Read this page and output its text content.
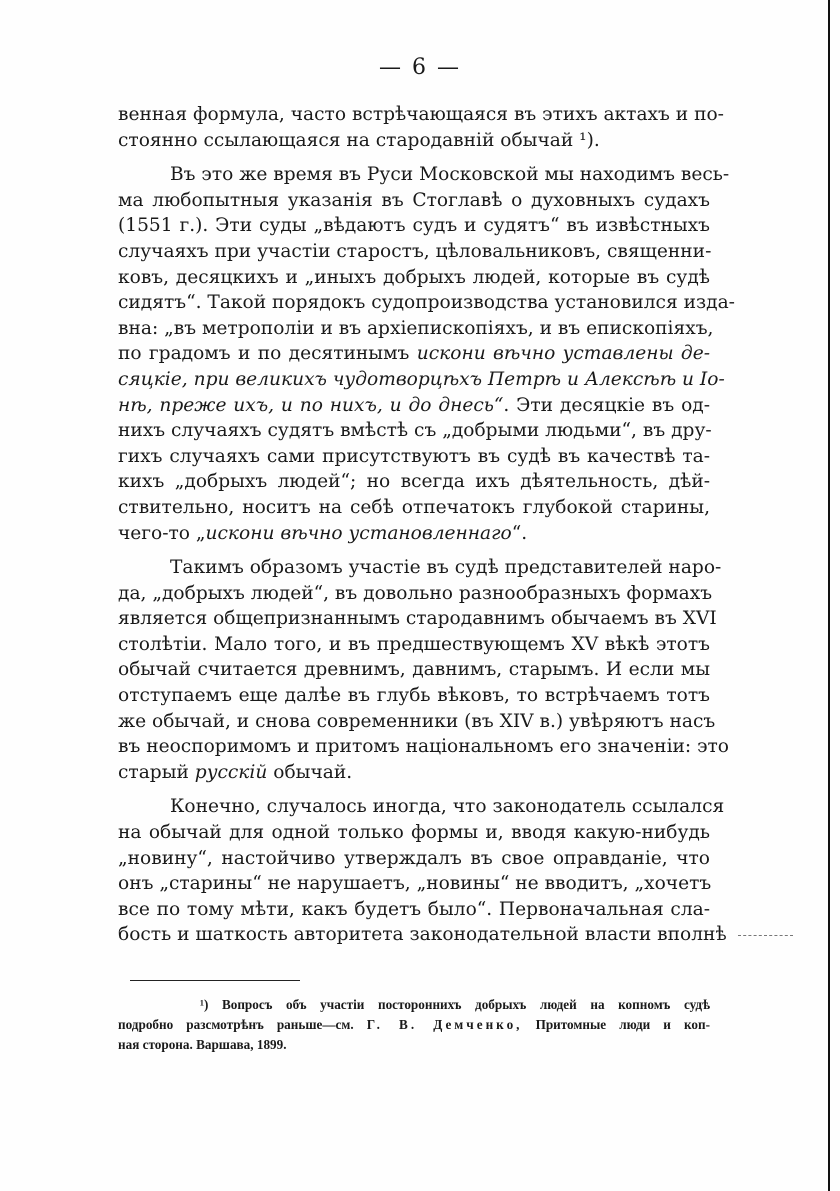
— 6 —

венная формула, часто встрѣчающаяся въ этихъ актахъ и по-
стоянно ссылающаяся на стародавній обычай ¹).

Въ это же время въ Руси Московской мы находимъ весь-
ма любопытныя указанія въ Стоглавѣ о духовныхъ судахъ
(1551 г.). Эти суды „вѣдаютъ судъ и судятъ“ въ извѣстныхъ
случаяхъ при участіи старостъ, цѣловальниковъ, священни-
ковъ, десяцкихъ и „иныхъ добрыхъ людей, которые въ судѣ
сидятъ“. Такой порядокъ судопроизводства установился изда-
вна: „въ метрополіи и въ архіепископіяхъ, и въ епископіяхъ,
по градомъ и по десятинымъ искони вѣчно уставлены де-
сяцкіе, при великихъ чудотворцѣхъ Петрѣ и Алексѣѣ и Іо-
нѣ, преже ихъ, и по нихъ, и до днесь“. Эти десяцкіе въ од-
нихъ случаяхъ судятъ вмѣстѣ съ „добрыми людьми“, въ дру-
гихъ случаяхъ сами присутствуютъ въ судѣ въ качествѣ та-
кихъ „добрыхъ людей“; но всегда ихъ дѣятельность, дѣй-
ствительно, носитъ на себѣ отпечатокъ глубокой старины,
чего-то „искони вѣчно установленнаго“.

Такимъ образомъ участіе въ судѣ представителей наро-
да, „добрыхъ людей“, въ довольно разнообразныхъ формахъ
является общепризнаннымъ стародавнимъ обычаемъ въ XVI
столѣтіи. Мало того, и въ предшествующемъ XV вѣкѣ этотъ
обычай считается древнимъ, давнимъ, старымъ. И если мы
отступаемъ еще далѣе въ глубь вѣковъ, то встрѣчаемъ тотъ
же обычай, и снова современники (въ XIV в.) увѣряютъ насъ
въ неоспоримомъ и притомъ національномъ его значеніи: это
старый русскій обычай.

Конечно, случалось иногда, что законодатель ссылался
на обычай для одной только формы и, вводя какую-нибудь
„новину“, настойчиво утверждалъ въ свое оправданіе, что
онъ „старины“ не нарушаетъ, „новины“ не вводитъ, „хочетъ
все по тому мѣти, какъ будетъ было“. Первоначальная сла-
бость и шаткость авторитета законодательной власти вполнѣ

¹) Вопросъ объ участіи постороннихъ добрыхъ людей на копномъ судѣ
подробно разсмотрѣнъ раньше—см. Г. В. Демченко, Притомные люди и коп-
ная сторона. Варшава, 1899.
